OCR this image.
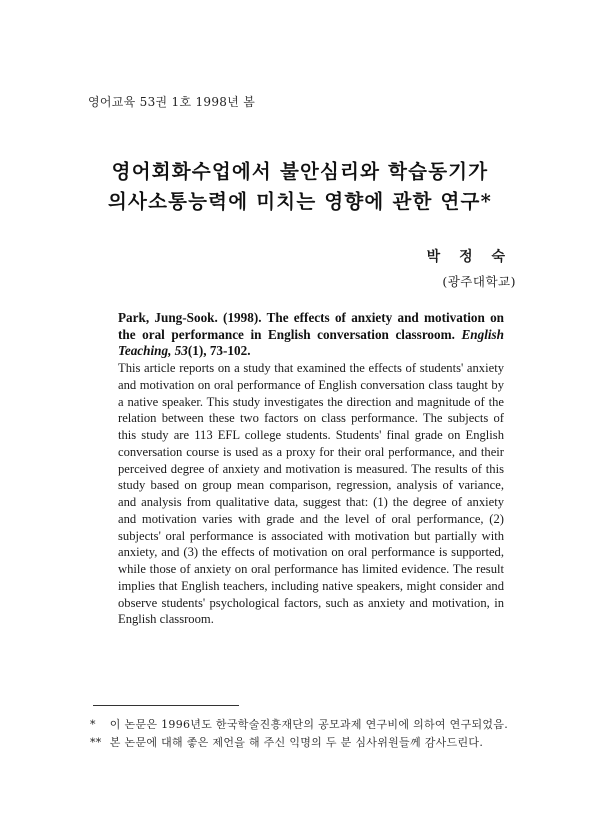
영어교육 53권 1호 1998년 봄
영어회화수업에서 불안심리와 학습동기가
의사소통능력에 미치는 영향에 관한 연구*
박 정 숙
(광주대학교)
Park, Jung-Sook. (1998). The effects of anxiety and motivation on the oral performance in English conversation classroom. English Teaching, 53(1), 73-102.
This article reports on a study that examined the effects of students' anxiety and motivation on oral performance of English conversation class taught by a native speaker. This study investigates the direction and magnitude of the relation between these two factors on class performance. The subjects of this study are 113 EFL college students. Students' final grade on English conversation course is used as a proxy for their oral performance, and their perceived degree of anxiety and motivation is measured. The results of this study based on group mean comparison, regression, analysis of variance, and analysis from qualitative data, suggest that: (1) the degree of anxiety and motivation varies with grade and the level of oral performance, (2) subjects' oral performance is associated with motivation but partially with anxiety, and (3) the effects of motivation on oral performance is supported, while those of anxiety on oral performance has limited evidence. The result implies that English teachers, including native speakers, might consider and observe students' psychological factors, such as anxiety and motivation, in English classroom.
* 이 논문은 1996년도 한국학술진흥재단의 공모과제 연구비에 의하여 연구되었음.
** 본 논문에 대해 좋은 제언을 해 주신 익명의 두 분 심사위원들께 감사드린다.
